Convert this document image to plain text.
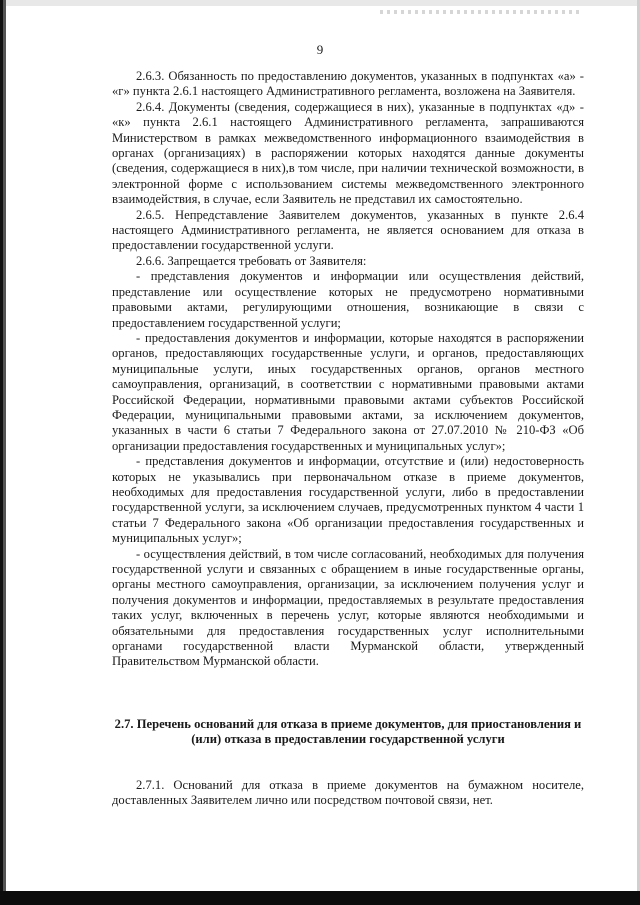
9

2.6.3. Обязанность по предоставлению документов, указанных в подпунктах «а» - «г» пункта 2.6.1 настоящего Административного регламента, возложена на Заявителя.

2.6.4. Документы (сведения, содержащиеся в них), указанные в подпунктах «д» - «к» пункта 2.6.1 настоящего Административного регламента, запрашиваются Министерством в рамках межведомственного информационного взаимодействия в органах (организациях) в распоряжении которых находятся данные документы (сведения, содержащиеся в них),в том числе, при наличии технической возможности, в электронной форме с использованием системы межведомственного электронного взаимодействия, в случае, если Заявитель не представил их самостоятельно.

2.6.5. Непредставление Заявителем документов, указанных в пункте 2.6.4 настоящего Административного регламента, не является основанием для отказа в предоставлении государственной услуги.

2.6.6. Запрещается требовать от Заявителя:

- представления документов и информации или осуществления действий, представление или осуществление которых не предусмотрено нормативными правовыми актами, регулирующими отношения, возникающие в связи с предоставлением государственной услуги;

- предоставления документов и информации, которые находятся в распоряжении органов, предоставляющих государственные услуги, и органов, предоставляющих муниципальные услуги, иных государственных органов, органов местного самоуправления, организаций, в соответствии с нормативными правовыми актами Российской Федерации, нормативными правовыми актами субъектов Российской Федерации, муниципальными правовыми актами, за исключением документов, указанных в части 6 статьи 7 Федерального закона от 27.07.2010 № 210-ФЗ «Об организации предоставления государственных и муниципальных услуг»;

- представления документов и информации, отсутствие и (или) недостоверность которых не указывались при первоначальном отказе в приеме документов, необходимых для предоставления государственной услуги, либо в предоставлении государственной услуги, за исключением случаев, предусмотренных пунктом 4 части 1 статьи 7 Федерального закона «Об организации предоставления государственных и муниципальных услуг»;

- осуществления действий, в том числе согласований, необходимых для получения государственной услуги и связанных с обращением в иные государственные органы, органы местного самоуправления, организации, за исключением получения услуг и получения документов и информации, предоставляемых в результате предоставления таких услуг, включенных в перечень услуг, которые являются необходимыми и обязательными для предоставления государственных услуг исполнительными органами государственной власти Мурманской области, утвержденный Правительством Мурманской области.

2.7. Перечень оснований для отказа в приеме документов, для приостановления и (или) отказа в предоставлении государственной услуги

2.7.1. Оснований для отказа в приеме документов на бумажном носителе, доставленных Заявителем лично или посредством почтовой связи, нет.
